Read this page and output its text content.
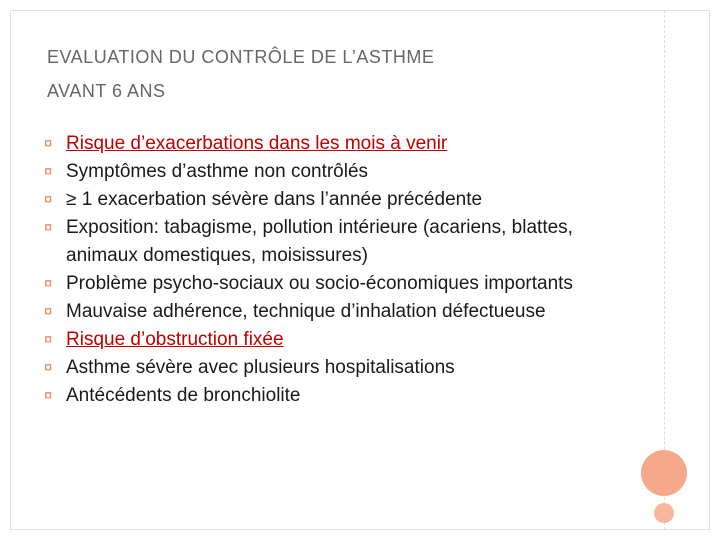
EVALUATION DU CONTRÔLE DE L’ASTHME
AVANT 6 ANS
¤ Risque d’exacerbations dans les mois à venir
¤ Symptômes d’asthme non contrôlés
¤ ≥ 1 exacerbation sévère dans l’année précédente
¤ Exposition: tabagisme, pollution intérieure (acariens, blattes, animaux domestiques, moisissures)
¤ Problème psycho-sociaux ou socio-économiques importants
¤ Mauvaise adhérence, technique d’inhalation défectueuse
¤ Risque d’obstruction fixée
¤ Asthme sévère avec plusieurs hospitalisations
¤ Antécédents de bronchiolite
